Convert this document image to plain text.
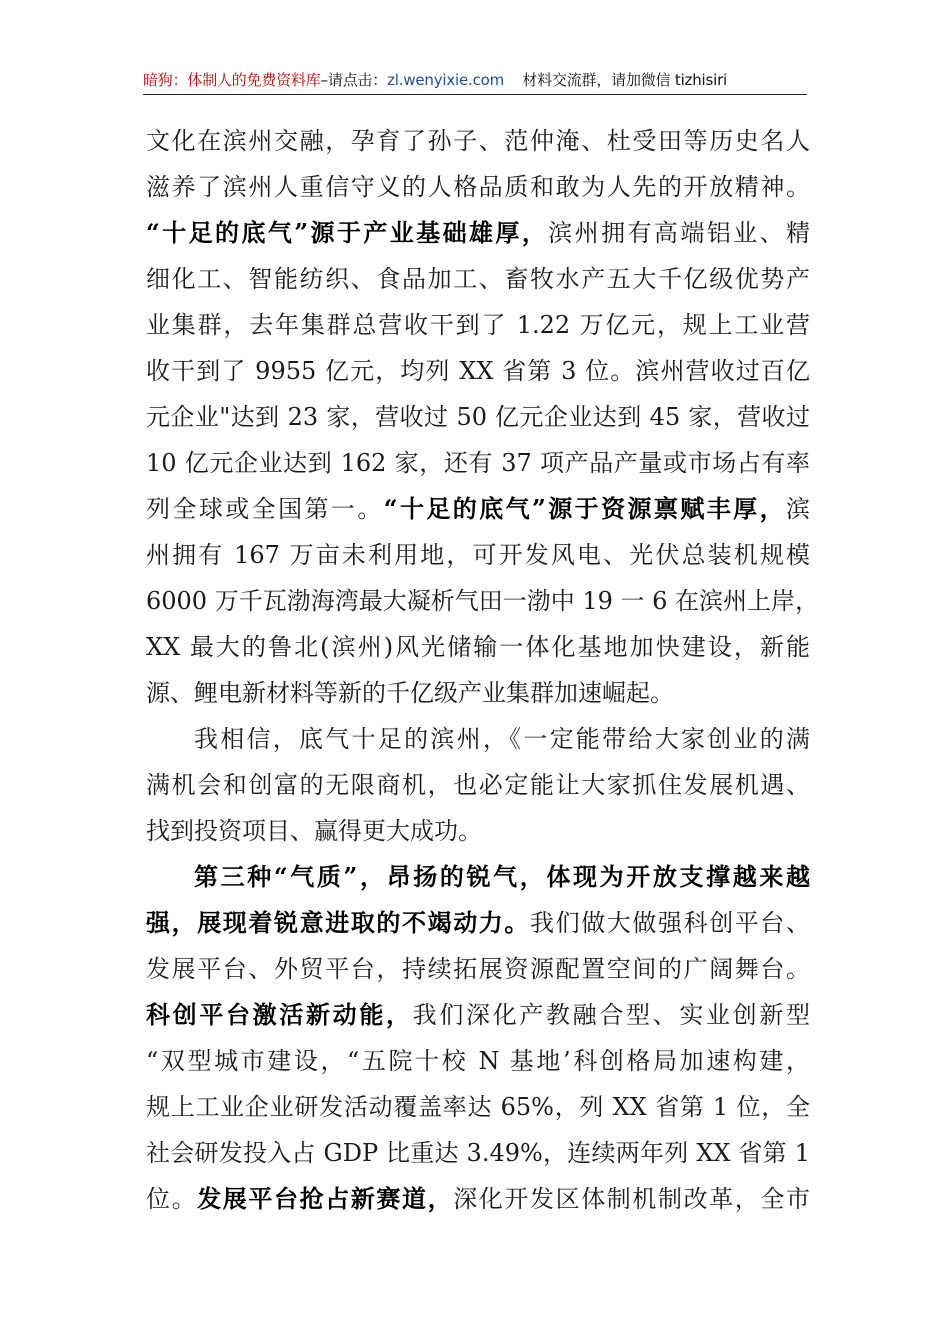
暗狗：体制人的免费资料库–请点击：zl.wenyixie.com 材料交流群，请加微信 tizhisiri
文化在滨州交融，孕育了孙子、范仲淹、杜受田等历史名人
滋养了滨州人重信守义的人格品质和敢为人先的开放精神。
“十足的底气”源于产业基础雄厚，滨州拥有高端铝业、精
细化工、智能纺织、食品加工、畜牧水产五大千亿级优势产
业集群，去年集群总营收干到了 1.22 万亿元，规上工业营
收干到了 9955 亿元，均列 XX 省第 3 位。滨州营收过百亿
元企业"达到 23 家，营收过 50 亿元企业达到 45 家，营收过
10 亿元企业达到 162 家，还有 37 项产品产量或市场占有率
列全球或全国第一。“十足的底气”源于资源禀赋丰厚，滨
州拥有 167 万亩未利用地，可开发风电、光伏总装机规模
6000 万千瓦渤海湾最大凝析气田一渤中 19 一 6 在滨州上岸，
XX 最大的鲁北(滨州)风光储输一体化基地加快建设，新能
源、鲤电新材料等新的千亿级产业集群加速崛起。
我相信，底气十足的滨州，《一定能带给大家创业的满
满机会和创富的无限商机，也必定能让大家抓住发展机遇、
找到投资项目、赢得更大成功。
第三种“气质”，昂扬的锐气，体现为开放支撑越来越
强，展现着锐意进取的不竭动力。我们做大做强科创平台、
发展平台、外贸平台，持续拓展资源配置空间的广阔舞台。
科创平台激活新动能，我们深化产教融合型、实业创新型
“双型城市建设，“五院十校 N 基地’科创格局加速构建，
规上工业企业研发活动覆盖率达 65%，列 XX 省第 1 位，全
社会研发投入占 GDP 比重达 3.49%，连续两年列 XX 省第 1
位。发展平台抢占新赛道，深化开发区体制机制改革，全市
